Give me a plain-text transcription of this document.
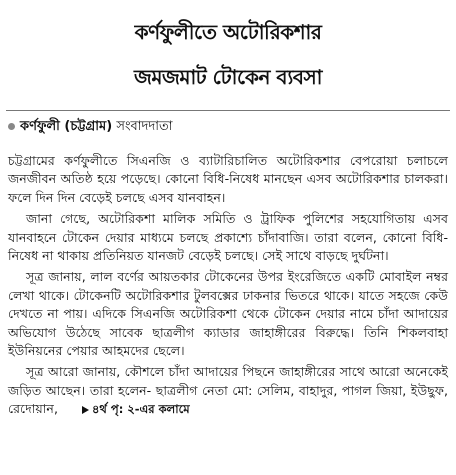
কর্ণফুলীতে অটোরিকশার
জমজমাট টোকেন ব্যবসা
কর্ণফুলী (চট্টগ্রাম) সংবাদদাতা

চট্টগ্রামের কর্ণফুলীতে সিএনজি ও ব্যাটারিচালিত অটোরিকশার বেপরোয়া চলাচলে জনজীবন অতিষ্ঠ হয়ে পড়েছে। কোনো বিধি-নিষেধ মানছেন এসব অটোরিকশার চালকরা। ফলে দিন দিন বেড়েই চলছে এসব যানবাহন।

জানা গেছে, অটোরিকশা মালিক সমিতি ও ট্রাফিক পুলিশের সহযোগিতায় এসব যানবাহনে টোকেন দেয়ার মাধ্যমে চলছে প্রকাশ্যে চাঁদাবাজি। তারা বলেন, কোনো বিধি-নিষেধ না থাকায় প্রতিনিয়ত যানজট বেড়েই চলছে। সেই সাথে বাড়ছে দুর্ঘটনা।

সূত্র জানায়, লাল বর্ণের আয়তকার টোকেনের উপর ইংরেজিতে একটি মোবাইল নম্বর লেখা থাকে। টোকেনটি অটোরিকশার টুলবক্সের ঢাকনার ভিতরে থাকে। যাতে সহজে কেউ দেখতে না পায়। এদিকে সিএনজি অটোরিকশা থেকে টোকেন দেয়ার নামে চাঁদা আদায়ের অভিযোগ উঠেছে সাবেক ছাত্রলীগ ক্যাডার জাহাঙ্গীরের বিরুদ্ধে। তিনি শিকলবাহা ইউনিয়নের পেয়ার আহমদের ছেলে।

সূত্র আরো জানায়, কৌশলে চাঁদা আদায়ের পিছনে জাহাঙ্গীরের সাথে আরো অনেকেই জড়িত আছেন। তারা হলেন- ছাত্রলীগ নেতা মো: সেলিম, বাহাদুর, পাগল জিয়া, ইউছুফ, রেদোয়ান,	৪র্থ পৃ: ২-এর কলামে
